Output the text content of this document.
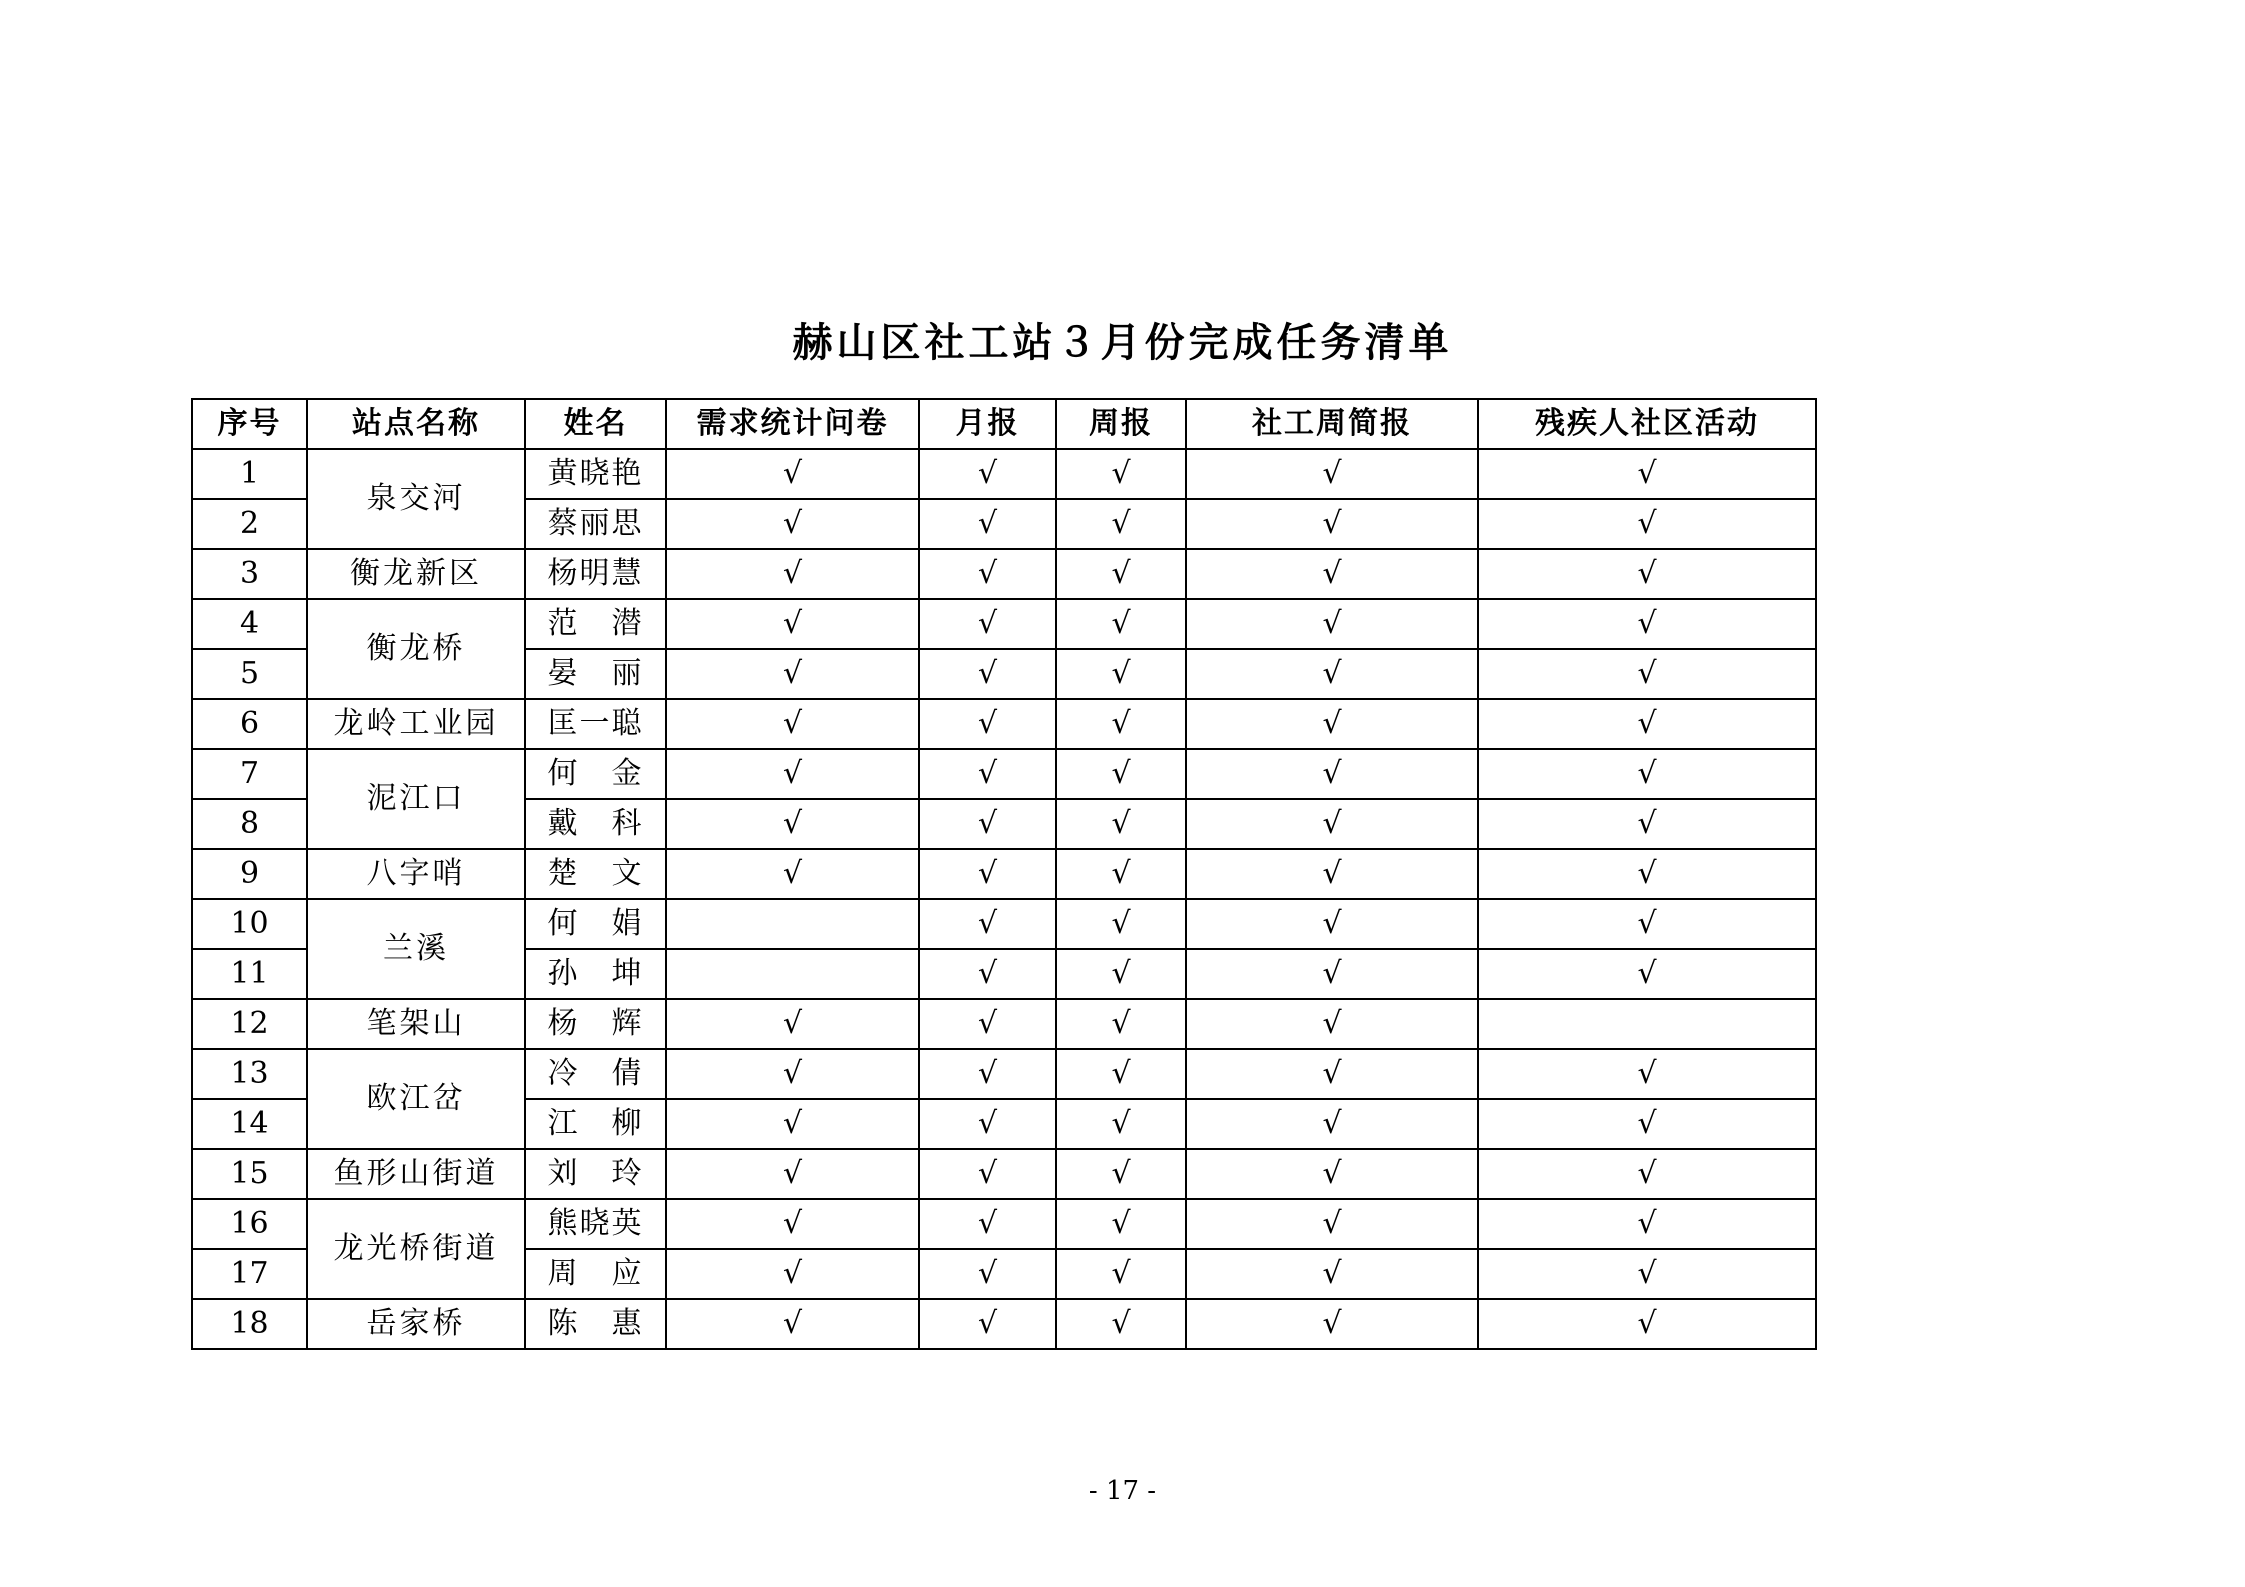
赫山区社工站３月份完成任务清单
序号	站点名称	姓名	需求统计问卷	月报	周报	社工周简报	残疾人社区活动
1	泉交河	黄晓艳	√	√	√	√	√
2		蔡丽思	√	√	√	√	√
3	衡龙新区	杨明慧	√	√	√	√	√
4	衡龙桥	范　潜	√	√	√	√	√
5		晏　丽	√	√	√	√	√
6	龙岭工业园	匡一聪	√	√	√	√	√
7	泥江口	何　金	√	√	√	√	√
8		戴　科	√	√	√	√	√
9	八字哨	楚　文	√	√	√	√	√
10	兰溪	何　娟		√	√	√	√
11		孙　坤		√	√	√	√
12	笔架山	杨　辉	√	√	√	√	
13	欧江岔	冷　倩	√	√	√	√	√
14		江　柳	√	√	√	√	√
15	鱼形山街道	刘　玲	√	√	√	√	√
16	龙光桥街道	熊晓英	√	√	√	√	√
17		周　应	√	√	√	√	√
18	岳家桥	陈　惠	√	√	√	√	√
- 17 -
